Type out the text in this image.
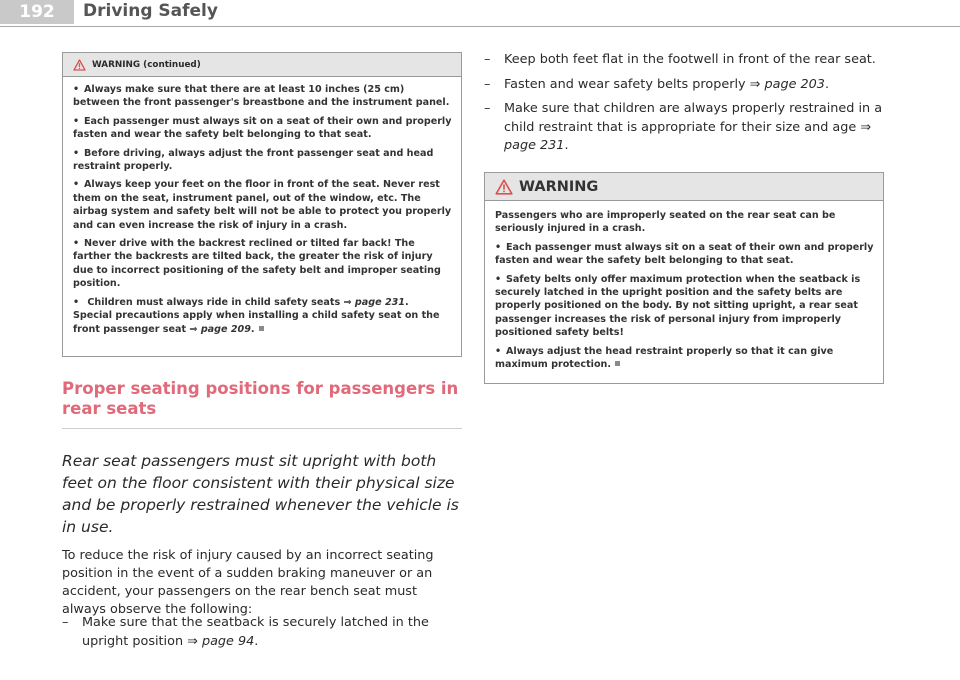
192	Driving Safely
WARNING (continued)

• Always make sure that there are at least 10 inches (25 cm) between the front passenger's breastbone and the instrument panel.

• Each passenger must always sit on a seat of their own and properly fasten and wear the safety belt belonging to that seat.

• Before driving, always adjust the front passenger seat and head restraint properly.

• Always keep your feet on the floor in front of the seat. Never rest them on the seat, instrument panel, out of the window, etc. The airbag system and safety belt will not be able to protect you properly and can even increase the risk of injury in a crash.

• Never drive with the backrest reclined or tilted far back! The farther the backrests are tilted back, the greater the risk of injury due to incorrect positioning of the safety belt and improper seating position.

• Children must always ride in child safety seats ⇒ page 231.

Special precautions apply when installing a child safety seat on the front passenger seat ⇒ page 209.

Proper seating positions for passengers in rear seats
Rear seat passengers must sit upright with both feet on the floor consistent with their physical size and be properly restrained whenever the vehicle is in use.
To reduce the risk of injury caused by an incorrect seating position in the event of a sudden braking maneuver or an accident, your passengers on the rear bench seat must always observe the following:
– Make sure that the seatback is securely latched in the upright position ⇒ page 94.
– Keep both feet flat in the footwell in front of the rear seat.
– Fasten and wear safety belts properly ⇒ page 203.
– Make sure that children are always properly restrained in a child restraint that is appropriate for their size and age ⇒ page 231.
WARNING

Passengers who are improperly seated on the rear seat can be seriously injured in a crash.

• Each passenger must always sit on a seat of their own and properly fasten and wear the safety belt belonging to that seat.

• Safety belts only offer maximum protection when the seatback is securely latched in the upright position and the safety belts are properly positioned on the body. By not sitting upright, a rear seat passenger increases the risk of personal injury from improperly positioned safety belts!

• Always adjust the head restraint properly so that it can give maximum protection.
